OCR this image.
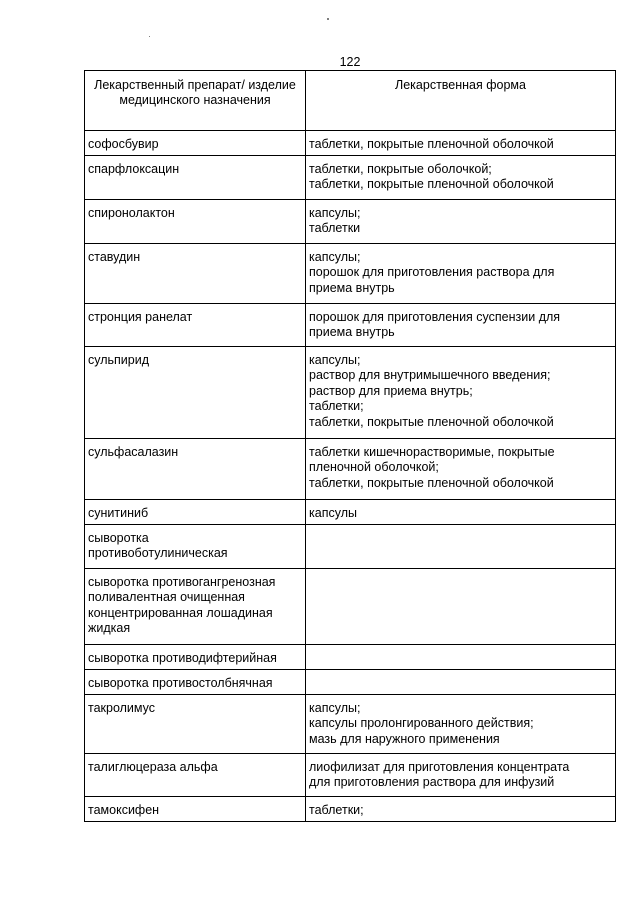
122
Лекарственный препарат/ изделие медицинского назначения	Лекарственная форма

софосбувир	таблетки, покрытые пленочной оболочкой

спарфлоксацин	таблетки, покрытые оболочкой;
таблетки, покрытые пленочной оболочкой

спиронолактон	капсулы;
таблетки

ставудин	капсулы;
порошок для приготовления раствора для
приема внутрь

стронция ранелат	порошок для приготовления суспензии для
приема внутрь

сульпирид	капсулы;
раствор для внутримышечного введения;
раствор для приема внутрь;
таблетки;
таблетки, покрытые пленочной оболочкой

сульфасалазин	таблетки кишечнорастворимые, покрытые
пленочной оболочкой;
таблетки, покрытые пленочной оболочкой

сунитиниб	капсулы

сыворотка
противоботулиническая	

сыворотка противогангренозная
поливалентная очищенная
концентрированная лошадиная
жидкая	

сыворотка противодифтерийная	

сыворотка противостолбнячная	

такролимус	капсулы;
капсулы пролонгированного действия;
мазь для наружного применения

талиглюцераза альфа	лиофилизат для приготовления концентрата
для приготовления раствора для инфузий

тамоксифен	таблетки;
